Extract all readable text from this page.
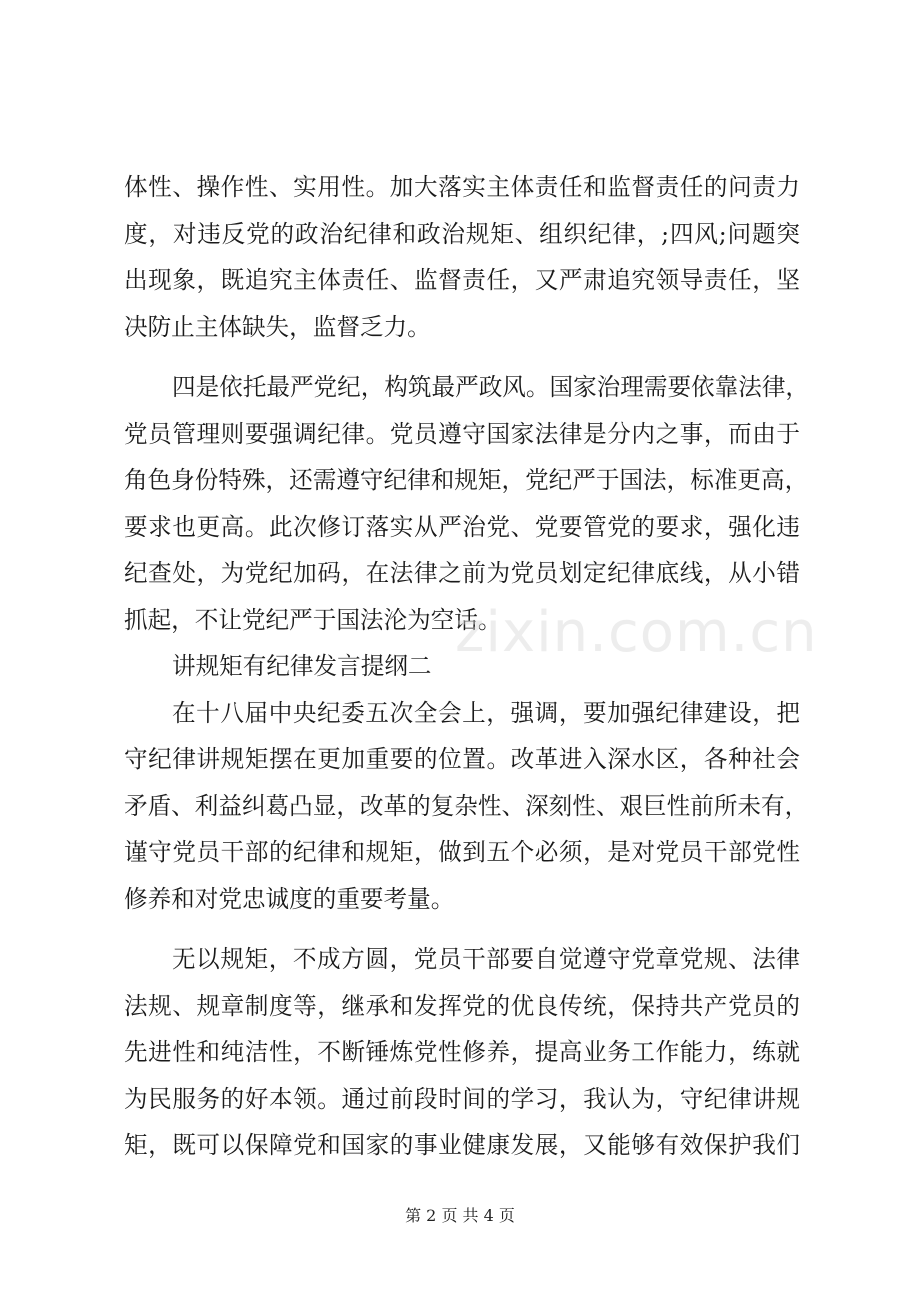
体性、操作性、实用性。加大落实主体责任和监督责任的问责力
度，对违反党的政治纪律和政治规矩、组织纪律，;四风;问题突
出现象，既追究主体责任、监督责任，又严肃追究领导责任，坚
决防止主体缺失，监督乏力。
四是依托最严党纪，构筑最严政风。国家治理需要依靠法律，
党员管理则要强调纪律。党员遵守国家法律是分内之事，而由于
角色身份特殊，还需遵守纪律和规矩，党纪严于国法，标准更高，
要求也更高。此次修订落实从严治党、党要管党的要求，强化违
纪查处，为党纪加码，在法律之前为党员划定纪律底线，从小错
抓起，不让党纪严于国法沦为空话。
讲规矩有纪律发言提纲二
在十八届中央纪委五次全会上，强调，要加强纪律建设，把
守纪律讲规矩摆在更加重要的位置。改革进入深水区，各种社会
矛盾、利益纠葛凸显，改革的复杂性、深刻性、艰巨性前所未有，
谨守党员干部的纪律和规矩，做到五个必须，是对党员干部党性
修养和对党忠诚度的重要考量。
无以规矩，不成方圆，党员干部要自觉遵守党章党规、法律
法规、规章制度等，继承和发挥党的优良传统，保持共产党员的
先进性和纯洁性，不断锤炼党性修养，提高业务工作能力，练就
为民服务的好本领。通过前段时间的学习，我认为，守纪律讲规
矩，既可以保障党和国家的事业健康发展，又能够有效保护我们
zixin.com.cn
第 2 页 共 4 页
